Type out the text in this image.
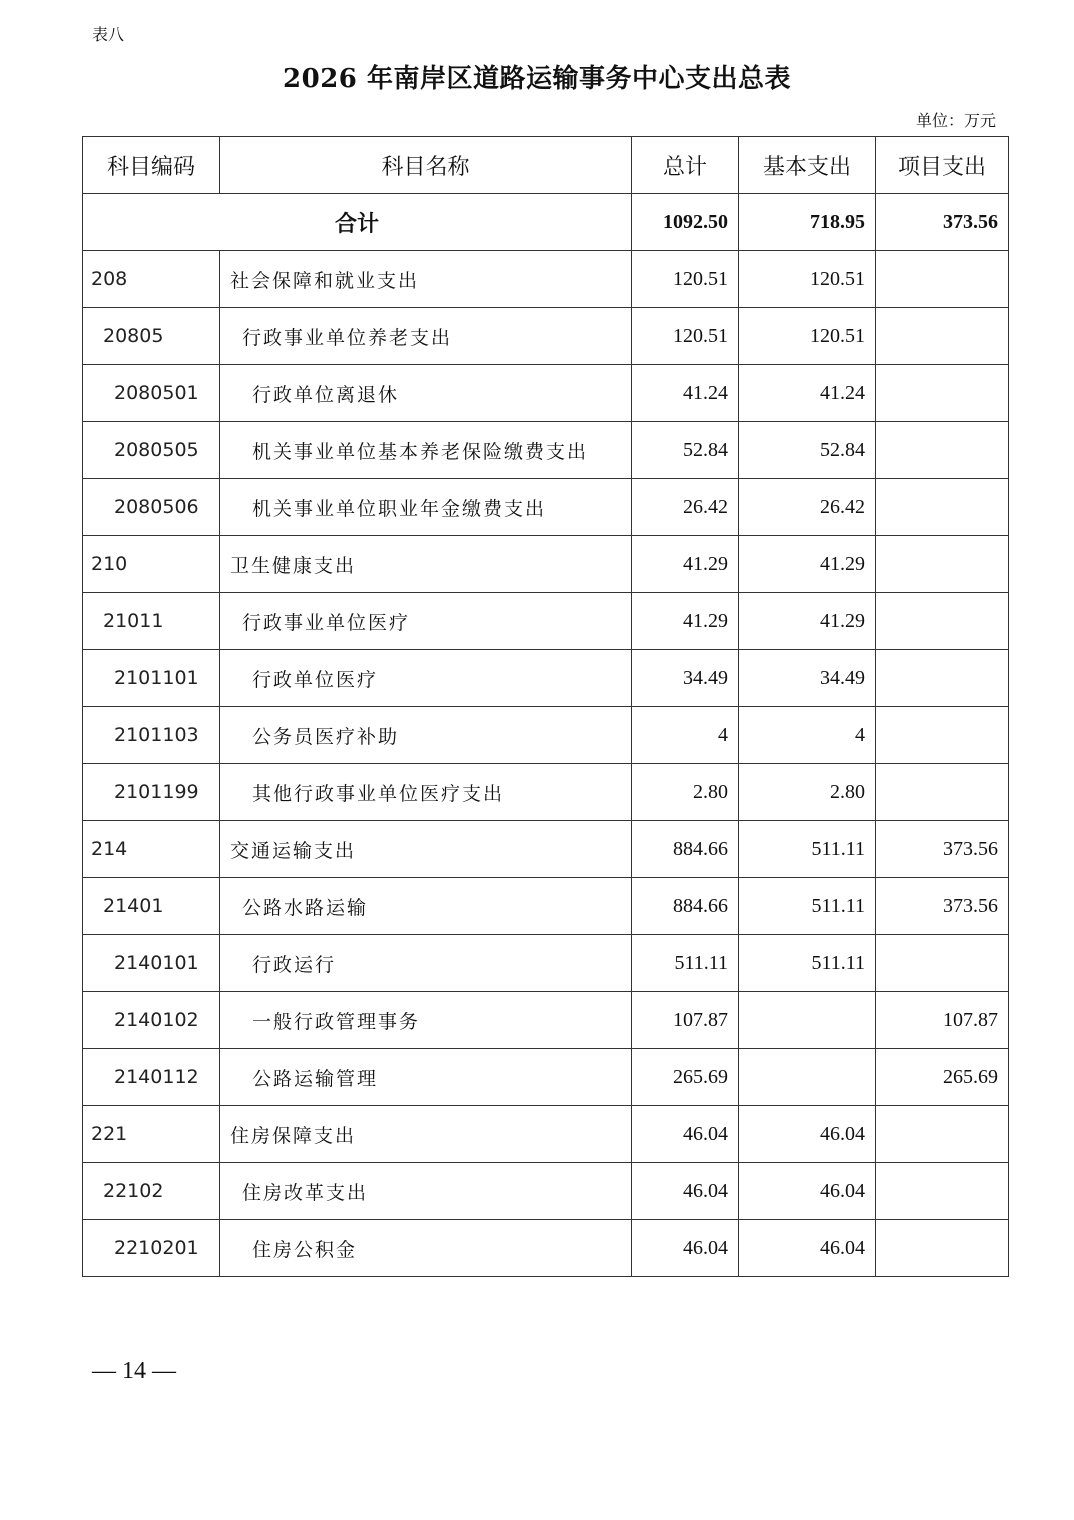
表八
2026 年南岸区道路运输事务中心支出总表
单位：万元
科目编码	科目名称	总计	基本支出	项目支出
合计		1092.50	718.95	373.56
208	社会保障和就业支出	120.51	120.51	
20805	行政事业单位养老支出	120.51	120.51	
2080501	行政单位离退休	41.24	41.24	
2080505	机关事业单位基本养老保险缴费支出	52.84	52.84	
2080506	机关事业单位职业年金缴费支出	26.42	26.42	
210	卫生健康支出	41.29	41.29	
21011	行政事业单位医疗	41.29	41.29	
2101101	行政单位医疗	34.49	34.49	
2101103	公务员医疗补助	4	4	
2101199	其他行政事业单位医疗支出	2.80	2.80	
214	交通运输支出	884.66	511.11	373.56
21401	公路水路运输	884.66	511.11	373.56
2140101	行政运行	511.11	511.11	
2140102	一般行政管理事务	107.87		107.87
2140112	公路运输管理	265.69		265.69
221	住房保障支出	46.04	46.04	
22102	住房改革支出	46.04	46.04	
2210201	住房公积金	46.04	46.04	
— 14 —
